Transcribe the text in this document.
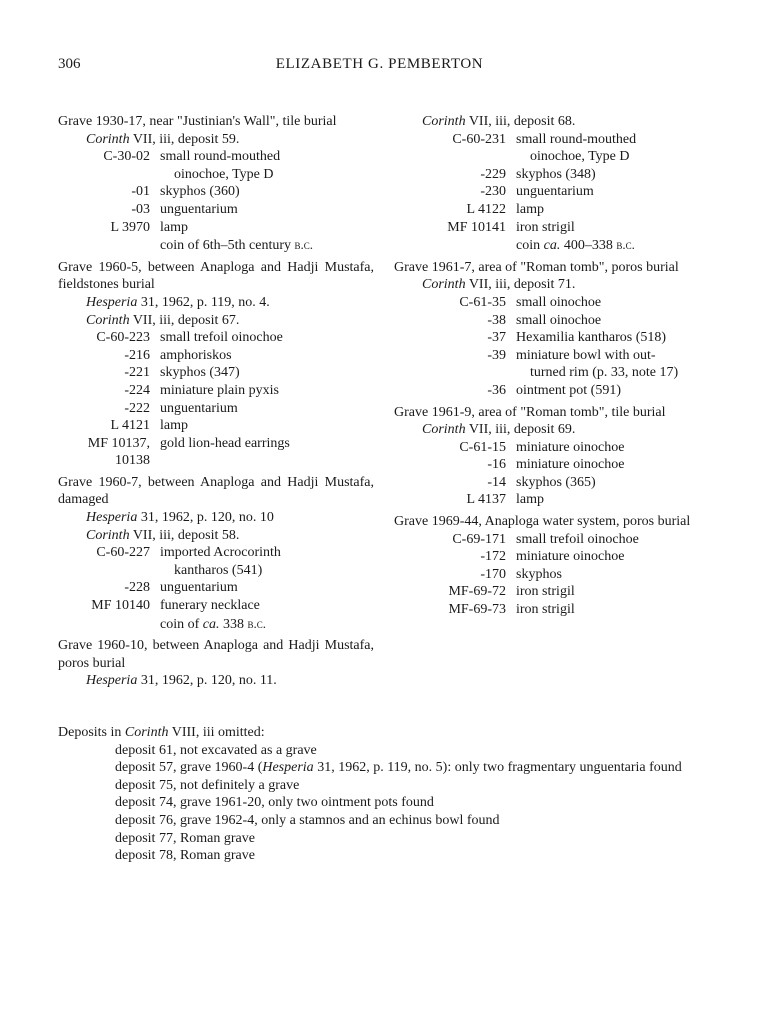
306	ELIZABETH G. PEMBERTON
Grave 1930-17, near "Justinian's Wall", tile burial
Corinth VII, iii, deposit 59.
C-30-02	small round-mouthed
oinochoe, Type D

-01	skyphos (360)
-03	unguentarium
L 3970	lamp
	coin of 6th–5th century b.c.
Grave 1960-5, between Anaploga and Hadji Mustafa, fieldstones burial
Hesperia 31, 1962, p. 119, no. 4.
Corinth VII, iii, deposit 67.
C-60-223	small trefoil oinochoe
-216	amphoriskos
-221	skyphos (347)
-224	miniature plain pyxis
-222	unguentarium
L 4121	lamp
MF 10137,	gold lion-head earrings
10138	
Grave 1960-7, between Anaploga and Hadji Mustafa, damaged
Hesperia 31, 1962, p. 120, no. 10
Corinth VII, iii, deposit 58.
C-60-227	imported Acrocorinth
kantharos (541)

-228	unguentarium
MF 10140	funerary necklace
	coin of ca. 338 b.c.
Grave 1960-10, between Anaploga and Hadji Mustafa, poros burial
Hesperia 31, 1962, p. 120, no. 11.
Corinth VII, iii, deposit 68.
C-60-231	small round-mouthed
oinochoe, Type D

-229	skyphos (348)
-230	unguentarium
L 4122	lamp
MF 10141	iron strigil
	coin ca. 400–338 b.c.
Grave 1961-7, area of "Roman tomb", poros burial
Corinth VII, iii, deposit 71.
C-61-35	small oinochoe
-38	small oinochoe
-37	Hexamilia kantharos (518)
-39	miniature bowl with out-
turned rim (p. 33, note 17)

-36	ointment pot (591)
Grave 1961-9, area of "Roman tomb", tile burial
Corinth VII, iii, deposit 69.
C-61-15	miniature oinochoe
-16	miniature oinochoe
-14	skyphos (365)
L 4137	lamp
Grave 1969-44, Anaploga water system, poros burial
C-69-171	small trefoil oinochoe
-172	miniature oinochoe
-170	skyphos
MF-69-72	iron strigil
MF-69-73	iron strigil
Deposits in Corinth VIII, iii omitted:
deposit 61, not excavated as a grave
deposit 57, grave 1960-4 (Hesperia 31, 1962, p. 119, no. 5): only two fragmentary unguentaria found
deposit 75, not definitely a grave
deposit 74, grave 1961-20, only two ointment pots found
deposit 76, grave 1962-4, only a stamnos and an echinus bowl found
deposit 77, Roman grave
deposit 78, Roman grave
